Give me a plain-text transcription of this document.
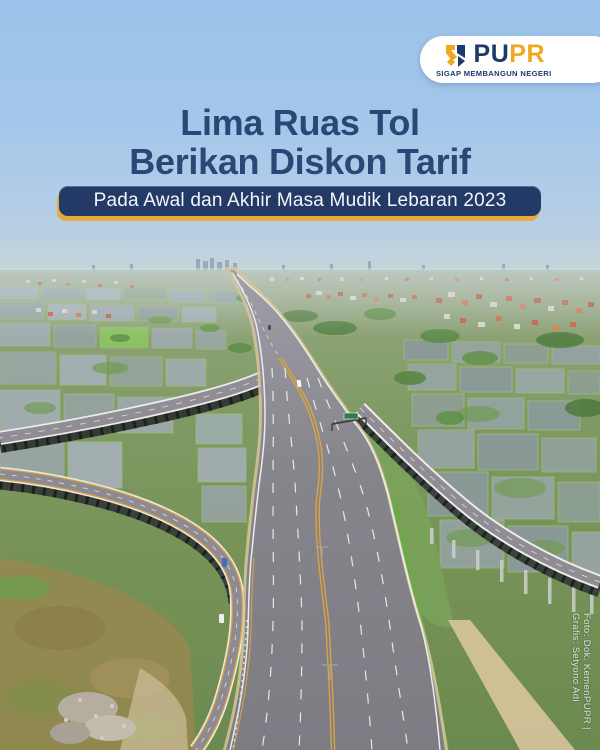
PUPR
SIGAP MEMBANGUN NEGERI
Lima Ruas Tol
Berikan Diskon Tarif
Pada Awal dan Akhir Masa Mudik Lebaran 2023
Foto: Dok. KemenPUPR | Grafis: Setyono Adi
